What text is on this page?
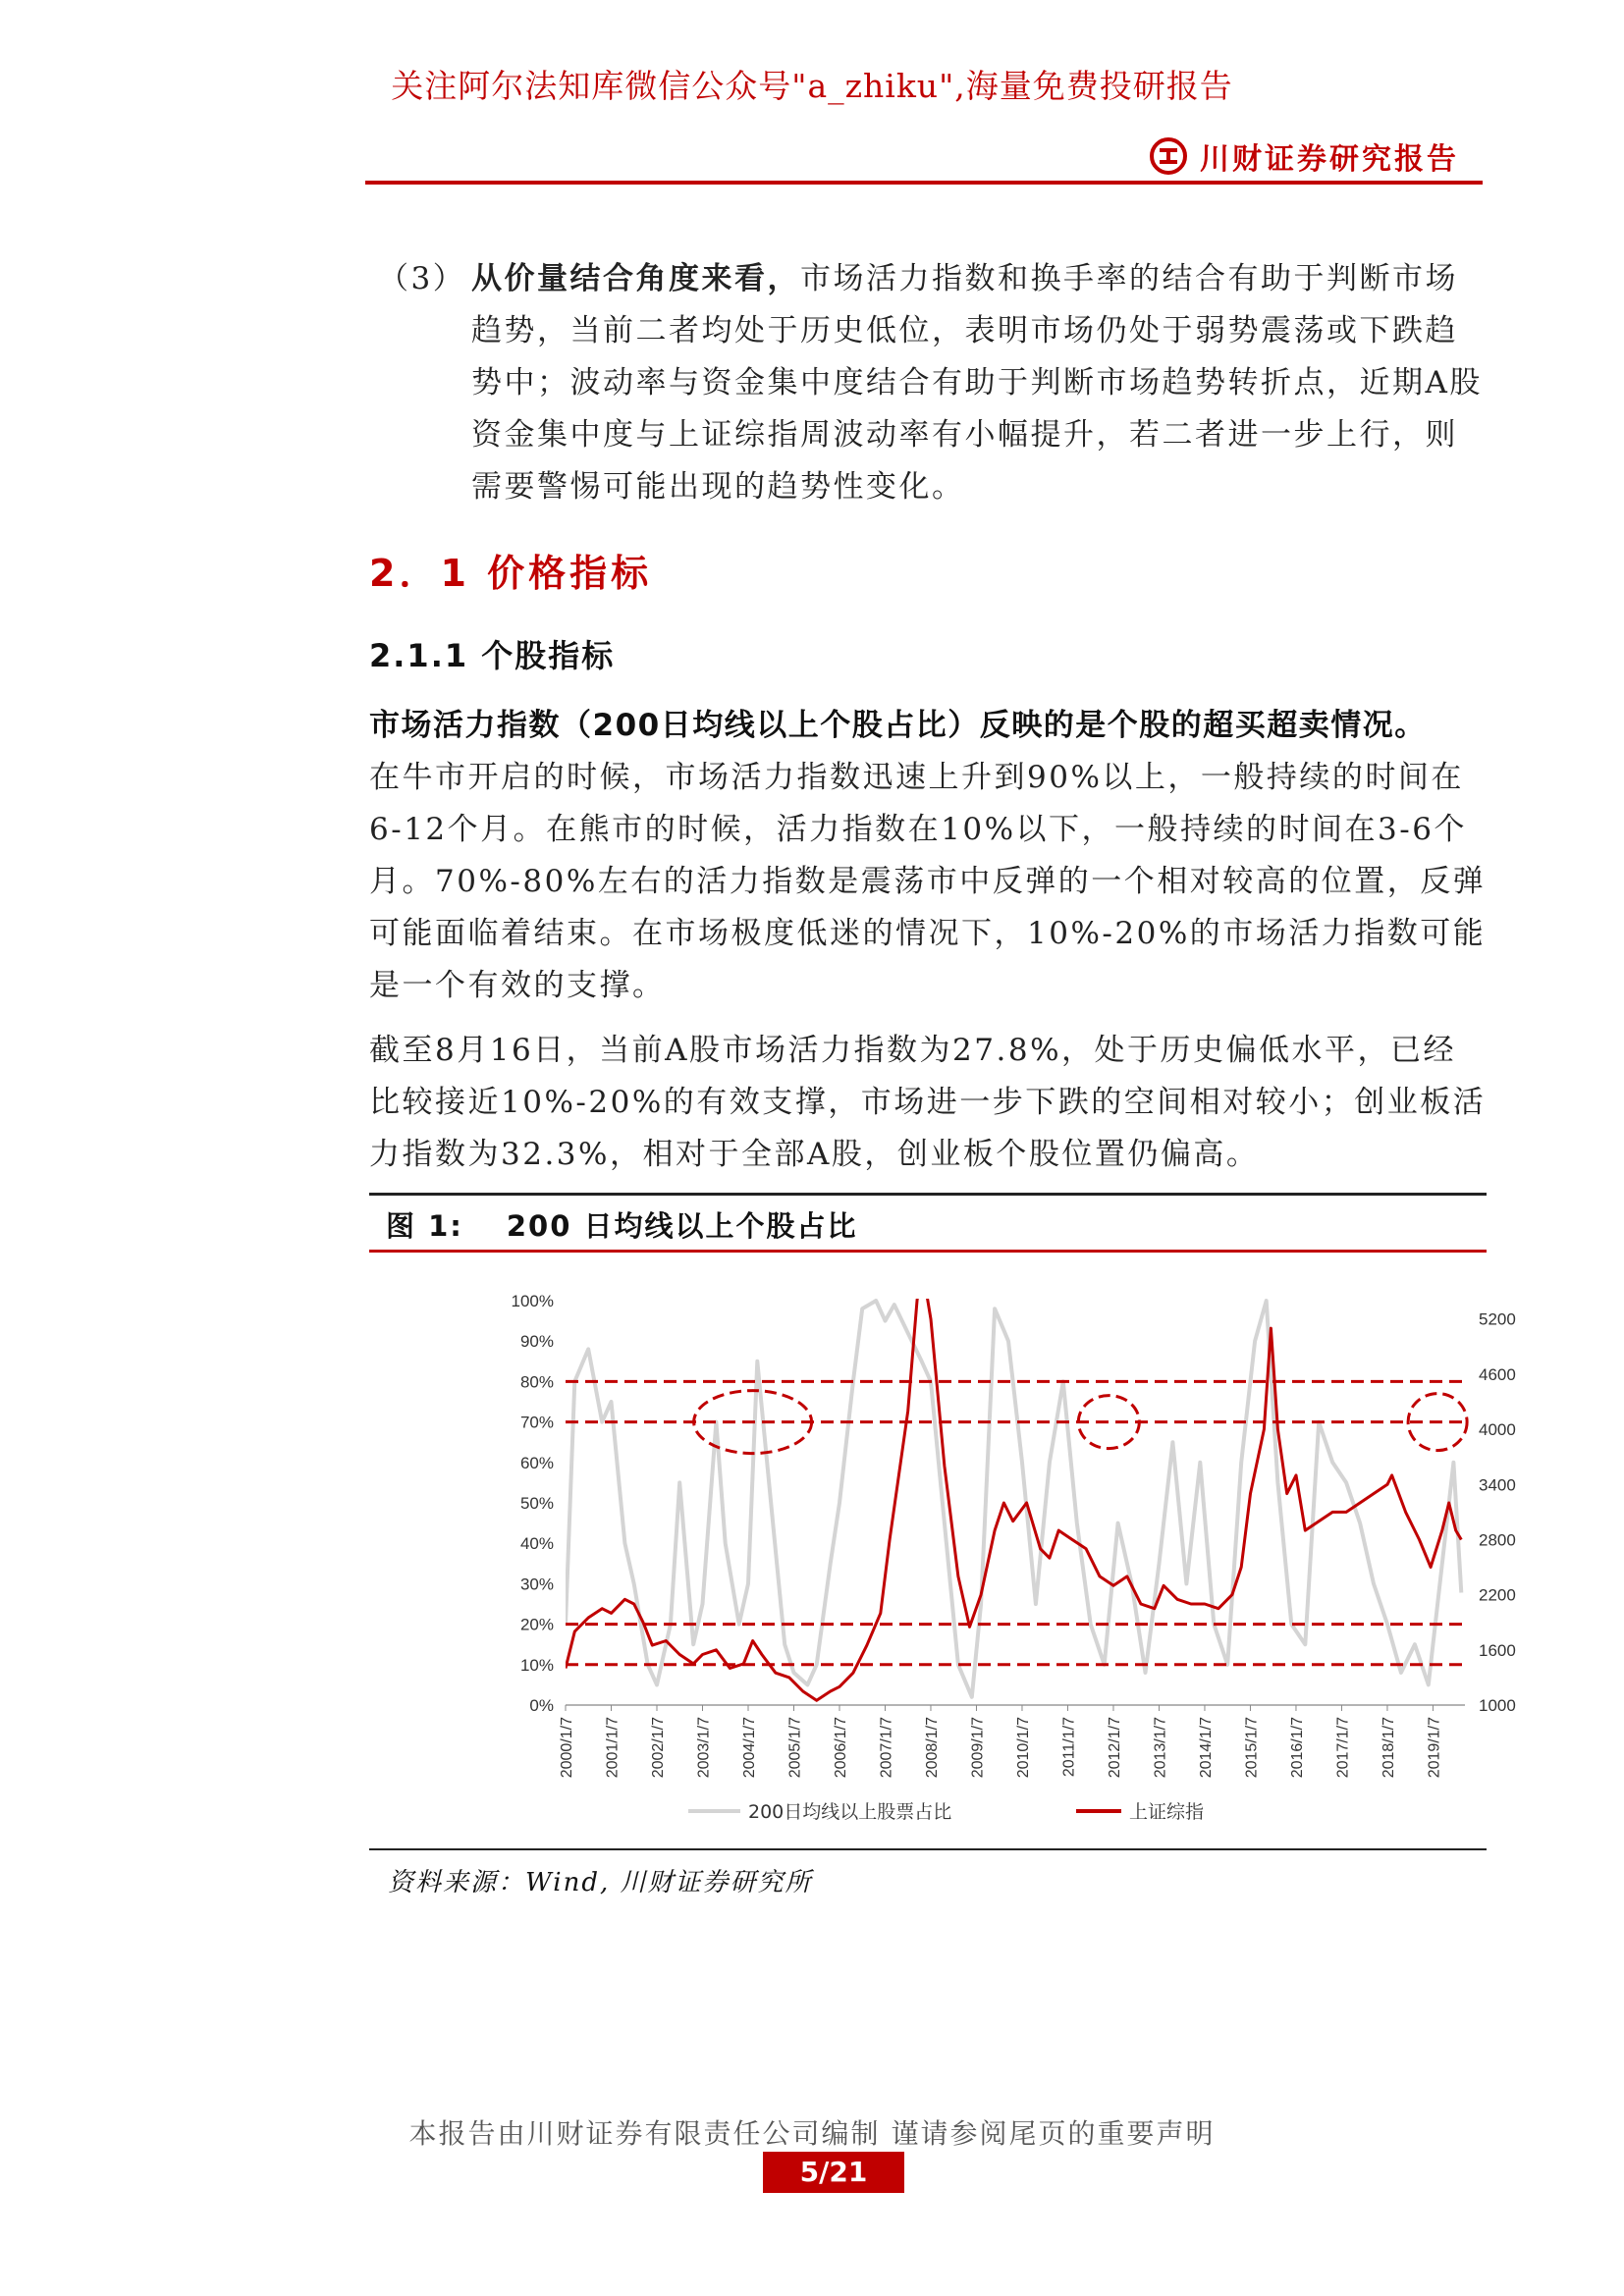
关注阿尔法知库微信公众号"a_zhiku",海量免费投研报告
川财证券研究报告
（3） 从价量结合角度来看，市场活力指数和换手率的结合有助于判断市场趋势，当前二者均处于历史低位，表明市场仍处于弱势震荡或下跌趋势中；波动率与资金集中度结合有助于判断市场趋势转折点，近期A股资金集中度与上证综指周波动率有小幅提升，若二者进一步上行，则需要警惕可能出现的趋势性变化。
2．1 价格指标
2.1.1 个股指标
市场活力指数（200日均线以上个股占比）反映的是个股的超买超卖情况。
在牛市开启的时候，市场活力指数迅速上升到90%以上，一般持续的时间在6-12个月。在熊市的时候，活力指数在10%以下，一般持续的时间在3-6个月。70%-80%左右的活力指数是震荡市中反弹的一个相对较高的位置，反弹可能面临着结束。在市场极度低迷的情况下，10%-20%的市场活力指数可能是一个有效的支撑。
截至8月16日，当前A股市场活力指数为27.8%，处于历史偏低水平，已经比较接近10%-20%的有效支撑，市场进一步下跌的空间相对较小；创业板活力指数为32.3%，相对于全部A股，创业板个股位置仍偏高。
图 1: 200 日均线以上个股占比
0%
10%
20%
30%
40%
50%
60%
70%
80%
90%
100%
1000
1600
2200
2800
3400
4000
4600
5200
2000/1/7 2001/1/7 2002/1/7 2003/1/7 2004/1/7 2005/1/7 2006/1/7 2007/1/7 2008/1/7 2009/1/7 2010/1/7 2011/1/7 2012/1/7 2013/1/7 2014/1/7 2015/1/7 2016/1/7 2017/1/7 2018/1/7 2019/1/7
200日均线以上股票占比	上证综指
资料来源：Wind, 川财证券研究所
本报告由川财证券有限责任公司编制 谨请参阅尾页的重要声明
5/21
